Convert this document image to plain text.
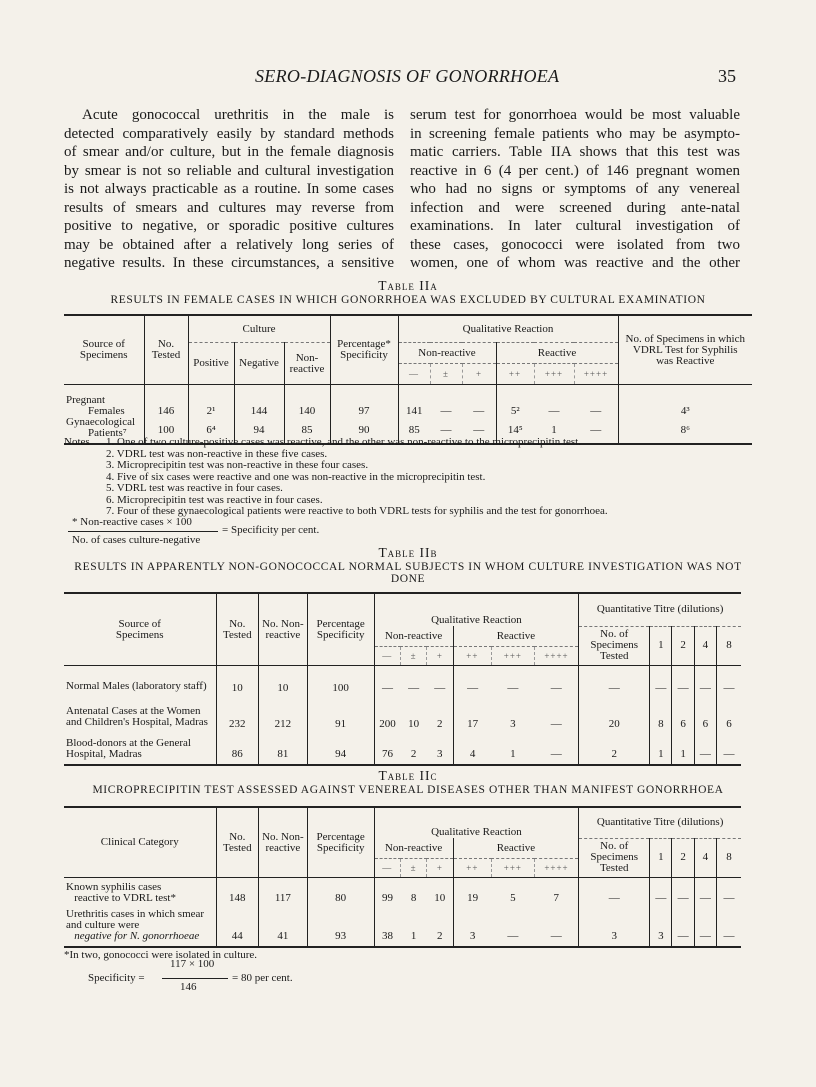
SERO-DIAGNOSIS OF GONORRHOEA	35
Acute gonococcal urethritis in the male is
detected comparatively easily by standard methods
of smear and/or culture, but in the female diagnosis
by smear is not so reliable and cultural investigation
is not always practicable as a routine. In some cases
results of smears and cultures may reverse from
positive to negative, or sporadic positive cultures
may be obtained after a relatively long series of
negative results. In these circumstances, a sensitive
serum test for gonorrhoea would be most valuable
in screening female patients who may be asympto-
matic carriers. Table IIA shows that this test was
reactive in 6 (4 per cent.) of 146 pregnant women
who had no signs or symptoms of any venereal
infection and were screened during ante-natal
examinations. In later cultural investigation of
these cases, gonococci were isolated from two
women, one of whom was reactive and the other
Table IIa
RESULTS IN FEMALE CASES IN WHICH GONORRHOEA WAS EXCLUDED BY CULTURAL EXAMINATION
Source of Specimens	No. Tested	Culture			Percentage* Specificity	Qualitative Reaction						No. of Specimens in which VDRL Test for Syphilis was Reactive
		Positive	Negative	Non- reactive		Non-reactive			Reactive			
						—	±	+	++	+++	++++	
Pregnant
Females	146	2¹	144	140	97	141	—	—	5²	—	—	4³
Gynaecological
Patients⁷	100	6⁴	94	85	90	85	—	—	14⁵	1	—	8⁶
Notes 1. One of two culture-positive cases was reactive, and the other was non-reactive to the microprecipitin test.
2. VDRL test was non-reactive in these five cases.
3. Microprecipitin test was non-reactive in these four cases.
4. Five of six cases were reactive and one was non-reactive in the microprecipitin test.
5. VDRL test was reactive in four cases.
6. Microprecipitin test was reactive in four cases.
7. Four of these gynaecological patients were reactive to both VDRL tests for syphilis and the test for gonorrhoea.
* Non-reactive cases × 100
= Specificity per cent.
No. of cases culture-negative
Table IIb
RESULTS IN APPARENTLY NON-GONOCOCCAL NORMAL SUBJECTS IN WHOM CULTURE INVESTIGATION WAS NOT DONE
Source of Specimens	No. Tested	No. Non- reactive	Percentage Specificity	Qualitative Reaction						Quantitative Titre (dilutions)				
				Non-reactive			Reactive			No. of Specimens Tested	1	2	4	8
				—	±	+	++	+++	++++					
Normal Males (laboratory staff)	10	10	100	—	—	—	—	—	—	—	—	—	—	—
Antenatal Cases at the Women and Children's Hospital, Madras	232	212	91	200	10	2	17	3	—	20	8	6	6	6
Blood-donors at the General Hospital, Madras	86	81	94	76	2	3	4	1	—	2	1	1	—	—
Table IIc
MICROPRECIPITIN TEST ASSESSED AGAINST VENEREAL DISEASES OTHER THAN MANIFEST GONORRHOEA
Clinical Category	No. Tested	No. Non- reactive	Percentage Specificity	Qualitative Reaction						Quantitative Titre (dilutions)				
				Non-reactive			Reactive			No. of Specimens Tested	1	2	4	8
				—	±	+	++	+++	++++					
Known syphilis cases
reactive to VDRL test*	148	117	80	99	8	10	19	5	7	—	—	—	—	—
Urethritis cases in which smear and culture were
negative for N. gonorrhoeae	44	41	93	38	1	2	3	—	—	3	3	—	—	—
*In two, gonococci were isolated in culture.
Specificity =
117 × 100
= 80 per cent.
146
